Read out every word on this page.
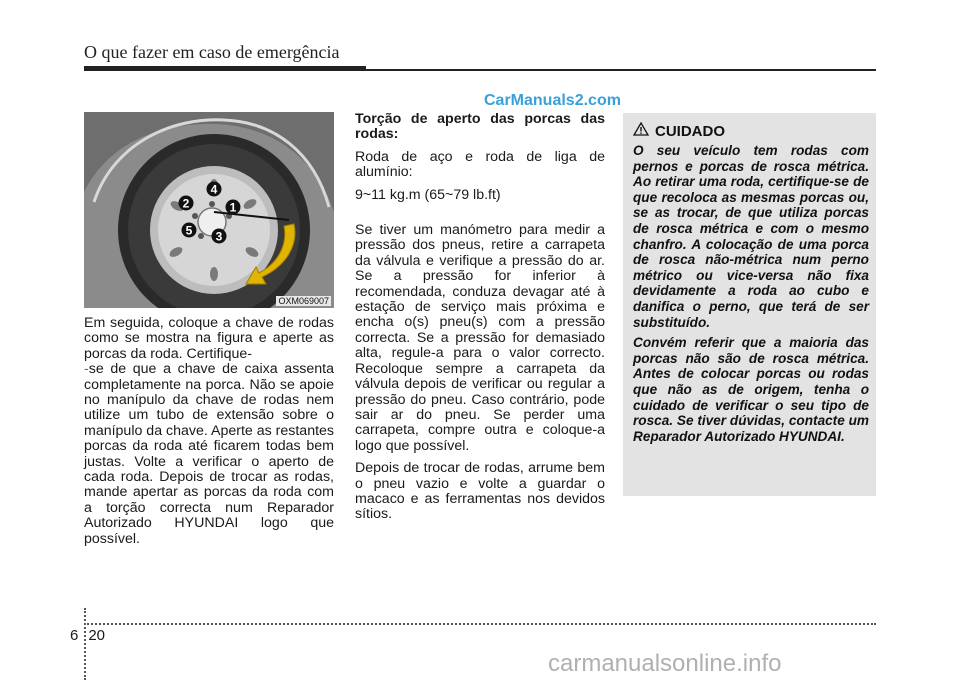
O que fazer em caso de emergência
CarManuals2.com
1
2
3
4
5
OXM069007

Em seguida, coloque a chave de rodas como se mostra na figura e aperte as porcas da roda. Certifique-
-se de que a chave de caixa assenta completamente na porca. Não se apoie no manípulo da chave de rodas nem utilize um tubo de extensão sobre o manípulo da chave. Aperte as restantes porcas da roda até ficarem todas bem justas. Volte a verificar o aperto de cada roda. Depois de trocar as rodas, mande apertar as porcas da roda com a torção correcta num Reparador Autorizado HYUNDAI logo que possível.

Torção de aperto das porcas das rodas:

Roda de aço e roda de liga de alumínio:

9~11 kg.m (65~79 lb.ft)

Se tiver um manómetro para medir a pressão dos pneus, retire a carrapeta da válvula e verifique a pressão do ar. Se a pressão for inferior à recomendada, conduza devagar até à estação de serviço mais próxima e encha o(s) pneu(s) com a pressão correcta. Se a pressão for demasiado alta, regule-a para o valor correcto. Recoloque sempre a carrapeta da válvula depois de verificar ou regular a pressão do pneu. Caso contrário, pode sair ar do pneu. Se perder uma carrapeta, compre outra e coloque-a logo que possível.

Depois de trocar de rodas, arrume bem o pneu vazio e volte a guardar o macaco e as ferramentas nos devidos sítios.

CUIDADO

O seu veículo tem rodas com pernos e porcas de rosca métrica. Ao retirar uma roda, certifique-se de que recoloca as mesmas porcas ou, se as trocar, de que utiliza porcas de rosca métrica e com o mesmo chanfro. A colocação de uma porca de rosca não-métrica num perno métrico ou vice-versa não fixa devidamente a roda ao cubo e danifica o perno, que terá de ser substituído.

Convém referir que a maioria das porcas não são de rosca métrica. Antes de colocar porcas ou rodas que não as de origem, tenha o cuidado de verificar o seu tipo de rosca. Se tiver dúvidas, contacte um Reparador Autorizado HYUNDAI.

6 20
carmanualsonline.info
